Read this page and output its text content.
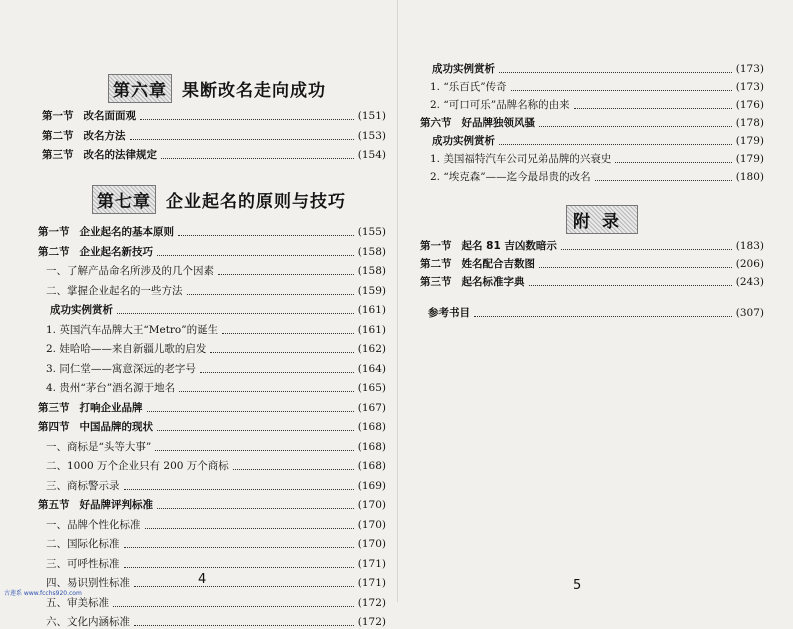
第六章 果断改名走向成功
第一节 改名面面观	(151)
第二节 改名方法	(153)
第三节 改名的法律规定	(154)
第七章 企业起名的原则与技巧
第一节 企业起名的基本原则	(155)
第二节 企业起名新技巧	(158)
一、了解产品命名所涉及的几个因素	(158)
二、掌握企业起名的一些方法	(159)
成功实例赏析	(161)
1. 英国汽车品牌大王“Metro”的诞生	(161)
2. 娃哈哈——来自新疆儿歌的启发	(162)
3. 同仁堂——寓意深远的老字号	(164)
4. 贵州“茅台”酒名源于地名	(165)
第三节 打响企业品牌	(167)
第四节 中国品牌的现状	(168)
一、商标是“头等大事”	(168)
二、1000 万个企业只有 200 万个商标	(168)
三、商标警示录	(169)
第五节 好品牌评判标准	(170)
一、品牌个性化标准	(170)
二、国际化标准	(170)
三、可呼性标准	(171)
四、易识别性标准	(171)
五、审美标准	(172)
六、文化内涵标准	(172)
4
成功实例赏析	(173)
1. “乐百氏”传奇	(173)
2. “可口可乐”品牌名称的由来	(176)
第六节 好品牌独领风骚	(178)
成功实例赏析	(179)
1. 美国福特汽车公司兄弟品牌的兴衰史	(179)
2. “埃克森”——迄今最昂贵的改名	(180)
附录
第一节 起名 81 吉凶数暗示	(183)
第二节 姓名配合吉数图	(206)
第三节 起名标准字典	(243)
参考书目	(307)
5
古莲系 www.fcchs920.com
